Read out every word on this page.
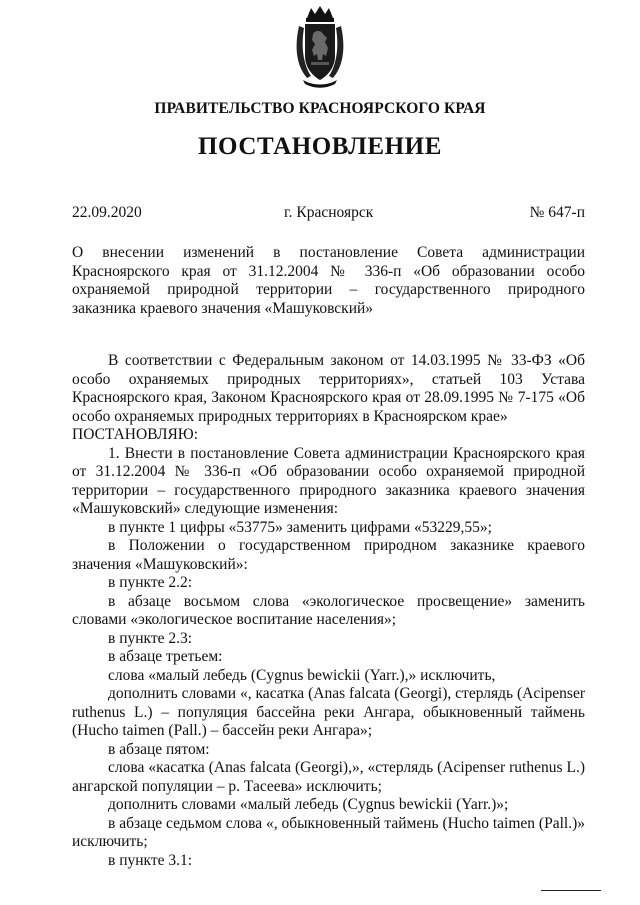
ПРАВИТЕЛЬСТВО КРАСНОЯРСКОГО КРАЯ
ПОСТАНОВЛЕНИЕ
22.09.2020	г. Красноярск	№ 647-п
О внесении изменений в постановление Совета администрации Красноярского края от 31.12.2004 № 336-п «Об образовании особо охраняемой природной территории – государственного природного заказника краевого значения «Машуковский»

В соответствии с Федеральным законом от 14.03.1995 № 33-ФЗ «Об особо охраняемых природных территориях», статьей 103 Устава Красноярского края, Законом Красноярского края от 28.09.1995 № 7-175 «Об особо охраняемых природных территориях в Красноярском крае»

ПОСТАНОВЛЯЮ:

1. Внести в постановление Совета администрации Красноярского края от 31.12.2004 № 336-п «Об образовании особо охраняемой природной территории – государственного природного заказника краевого значения «Машуковский» следующие изменения:

в пункте 1 цифры «53775» заменить цифрами «53229,55»;

в Положении о государственном природном заказнике краевого значения «Машуковский»:

в пункте 2.2:

в абзаце восьмом слова «экологическое просвещение» заменить словами «экологическое воспитание населения»;

в пункте 2.3:

в абзаце третьем:

слова «малый лебедь (Cygnus bewickii (Yarr.),» исключить,

дополнить словами «, касатка (Anas falcata (Georgi), стерлядь (Acipenser ruthenus L.) – популяция бассейна реки Ангара, обыкновенный таймень (Hucho taimen (Pall.) – бассейн реки Ангара»;

в абзаце пятом:

слова «касатка (Anas falcata (Georgi),», «стерлядь (Acipenser ruthenus L.) ангарской популяции – р. Тасеева» исключить;

дополнить словами «малый лебедь (Cygnus bewickii (Yarr.)»;

в абзаце седьмом слова «, обыкновенный таймень (Hucho taimen (Pall.)» исключить;

в пункте 3.1:
